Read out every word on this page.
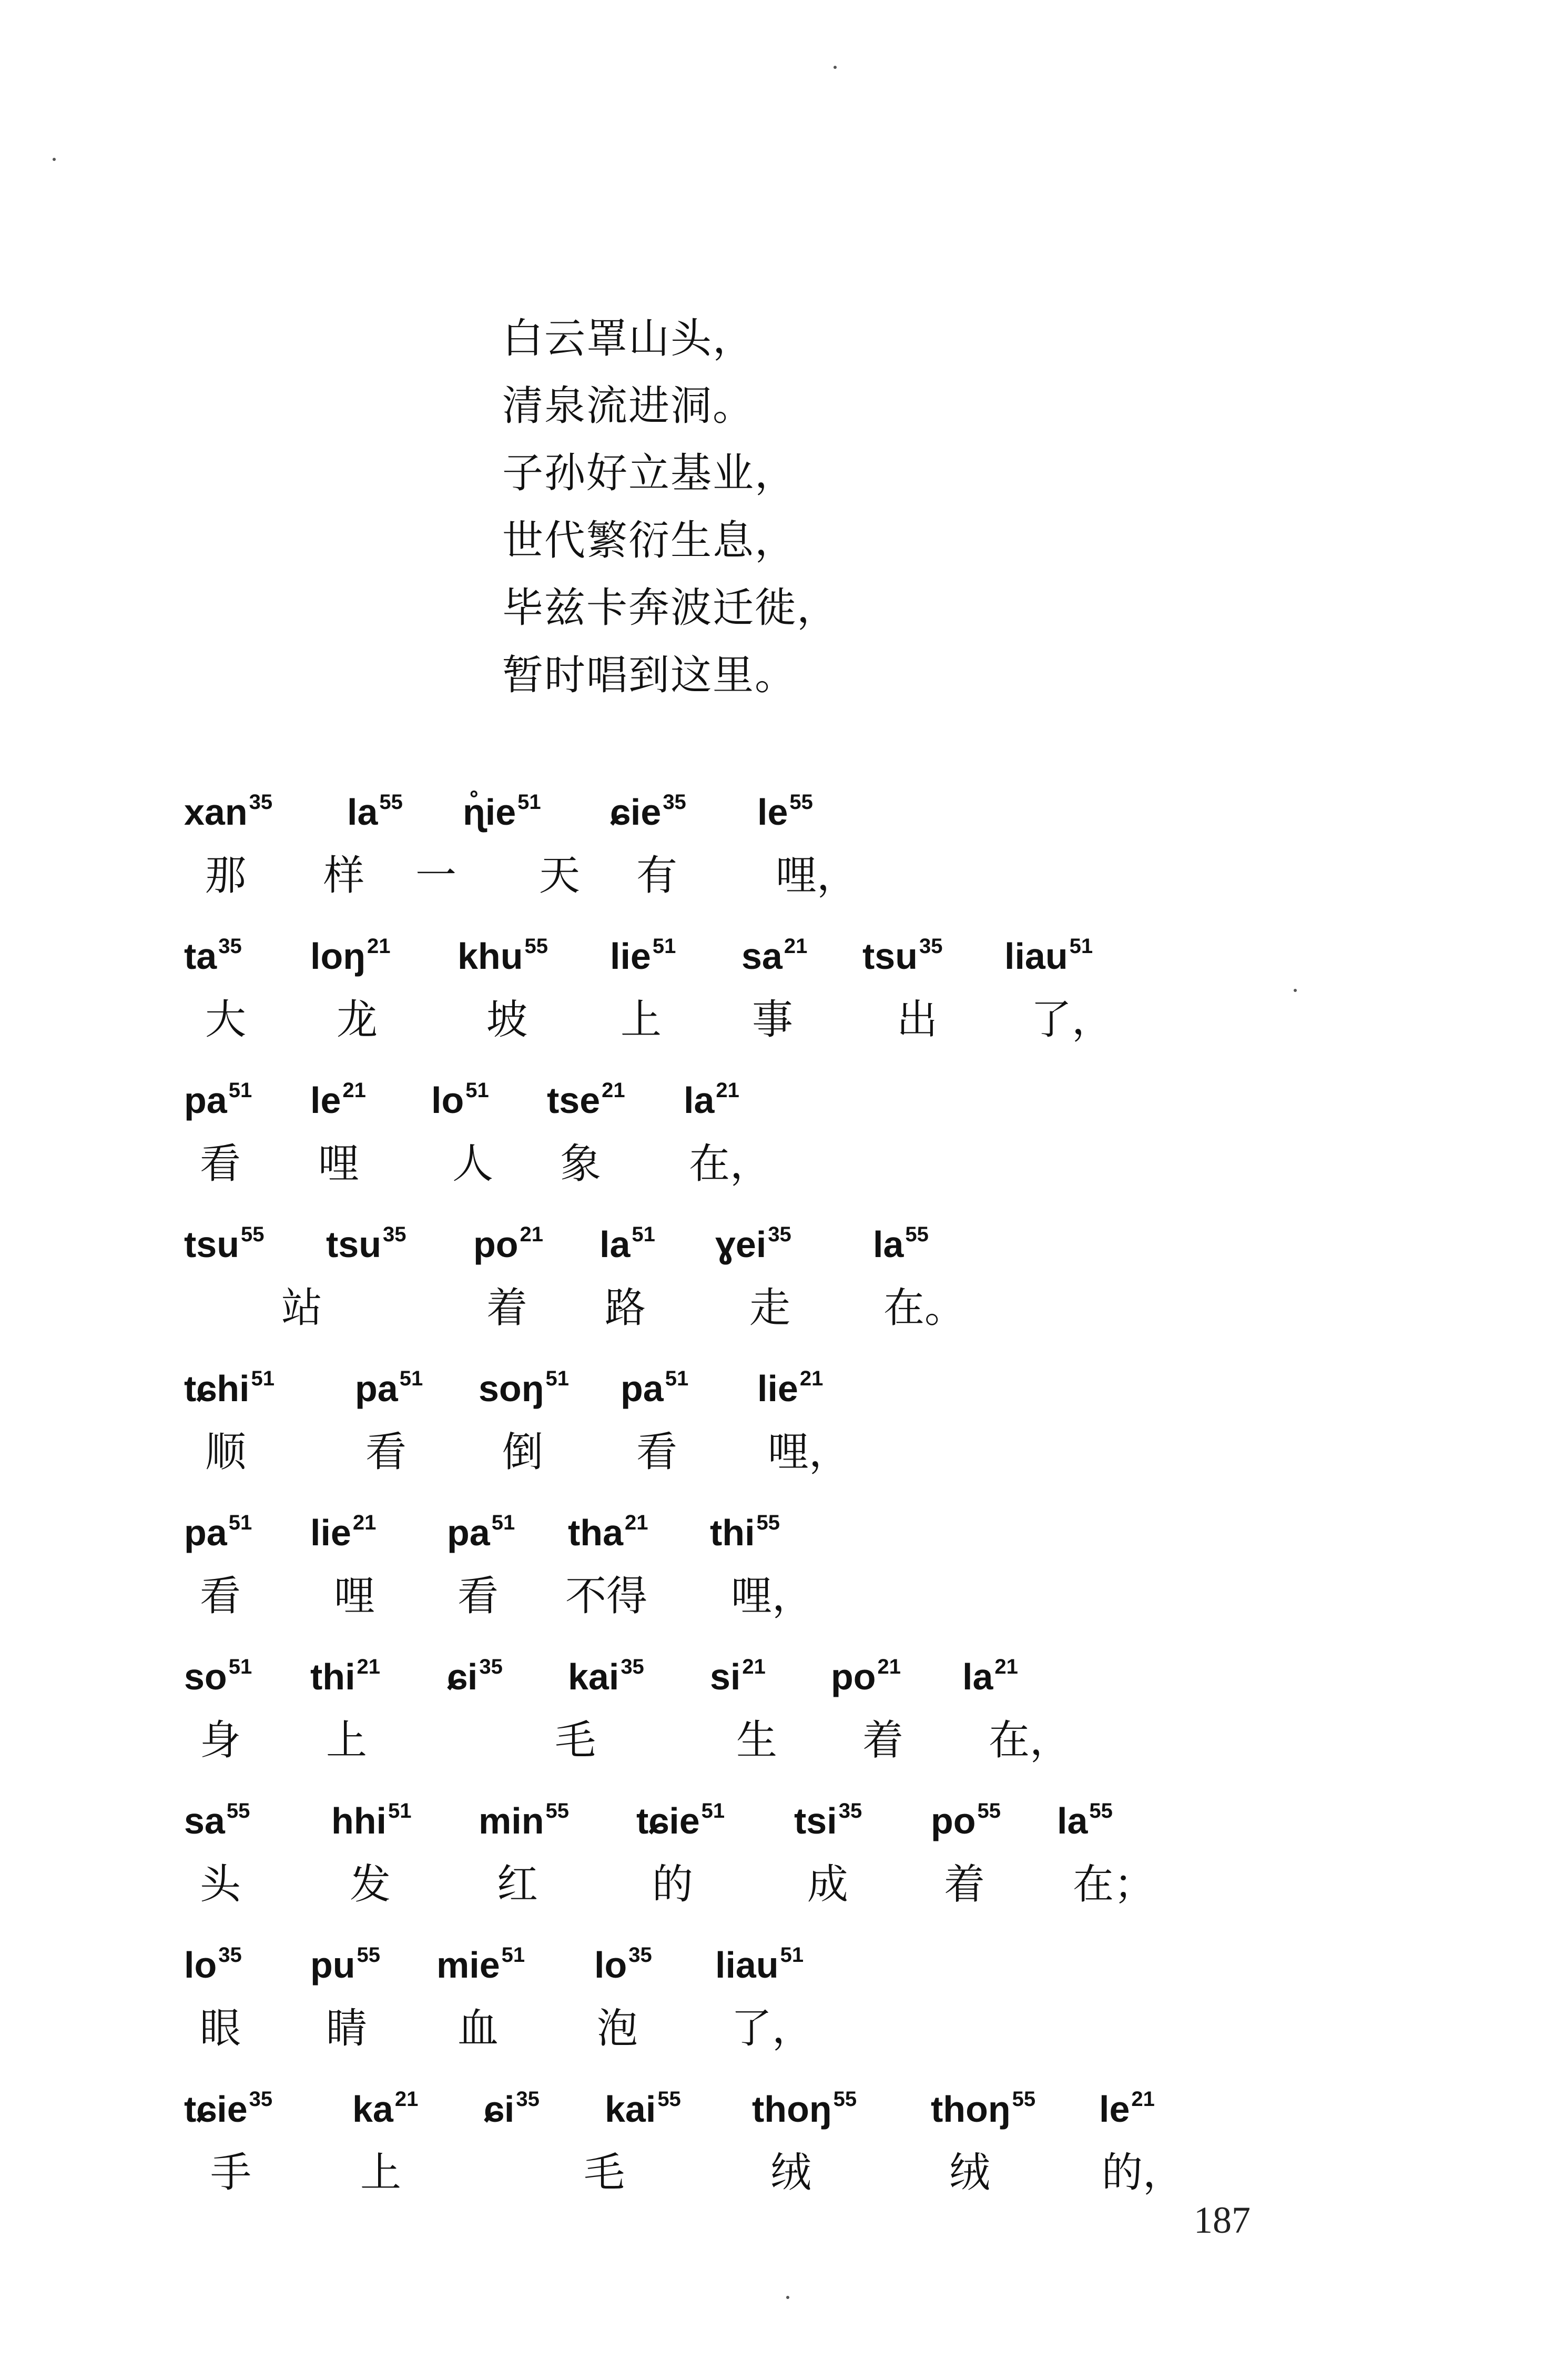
白云罩山头，
清泉流进洞。
子孙好立基业，
世代繁衍生息，
毕兹卡奔波迁徙，
暂时唱到这里。
xan$^{35}$ $la^{55}$ $ɳ̊ie^{51}$ ɕie$^{35}$ $le^{55}$
那 样 一 天 有 哩，
$ta^{35}$ loŋ$^{21}$ khu$^{55}$ lie$^{51}$ $sa^{21}$ tsu$^{35}$ liau$^{51}$
大 龙	坡 上 事	出 了，
$pa^{51}$ $le^{21}$ $lo^{51}$ tse$^{21}$ $la^{21}$
看 哩 人 象 在，
tsu$^{55}$ tsu$^{35}$ $po^{21}$ $la^{51}$ ɣei$^{35}$ $la^{55}$
站	着 路	走 在。
tɕhi$^{51}$ $pa^{51}$ soŋ$^{51}$ $pa^{51}$ lie$^{21}$
顺	看 倒 看 哩，
$pa^{51}$ lie$^{21}$ $pa^{51}$ tha$^{21}$ thi$^{55}$
看 哩 看 不得 哩，
$so^{51}$ thi$^{21}$ ɕi$^{35}$ kai$^{35}$ $si^{21}$ $po^{21}$ $la^{21}$
身 上	毛	生 着 在，
$sa^{55}$ hhi$^{51}$ $\min^{55}$ tɕie$^{51}$ tsi$^{35}$ $po^{55}$ $la^{55}$
头	发	红	的	成 着 在；
$lo^{35}$ $pu^{55}$ mie$^{51}$ $lo^{35}$ liau$^{51}$
眼 睛 血 泡 了，
tɕie$^{35}$ $ka^{21}$ ɕi$^{35}$ kai$^{55}$ thoŋ$^{55}$ thoŋ$^{55}$ $le^{21}$
手	上	毛	绒	绒	的，
187
